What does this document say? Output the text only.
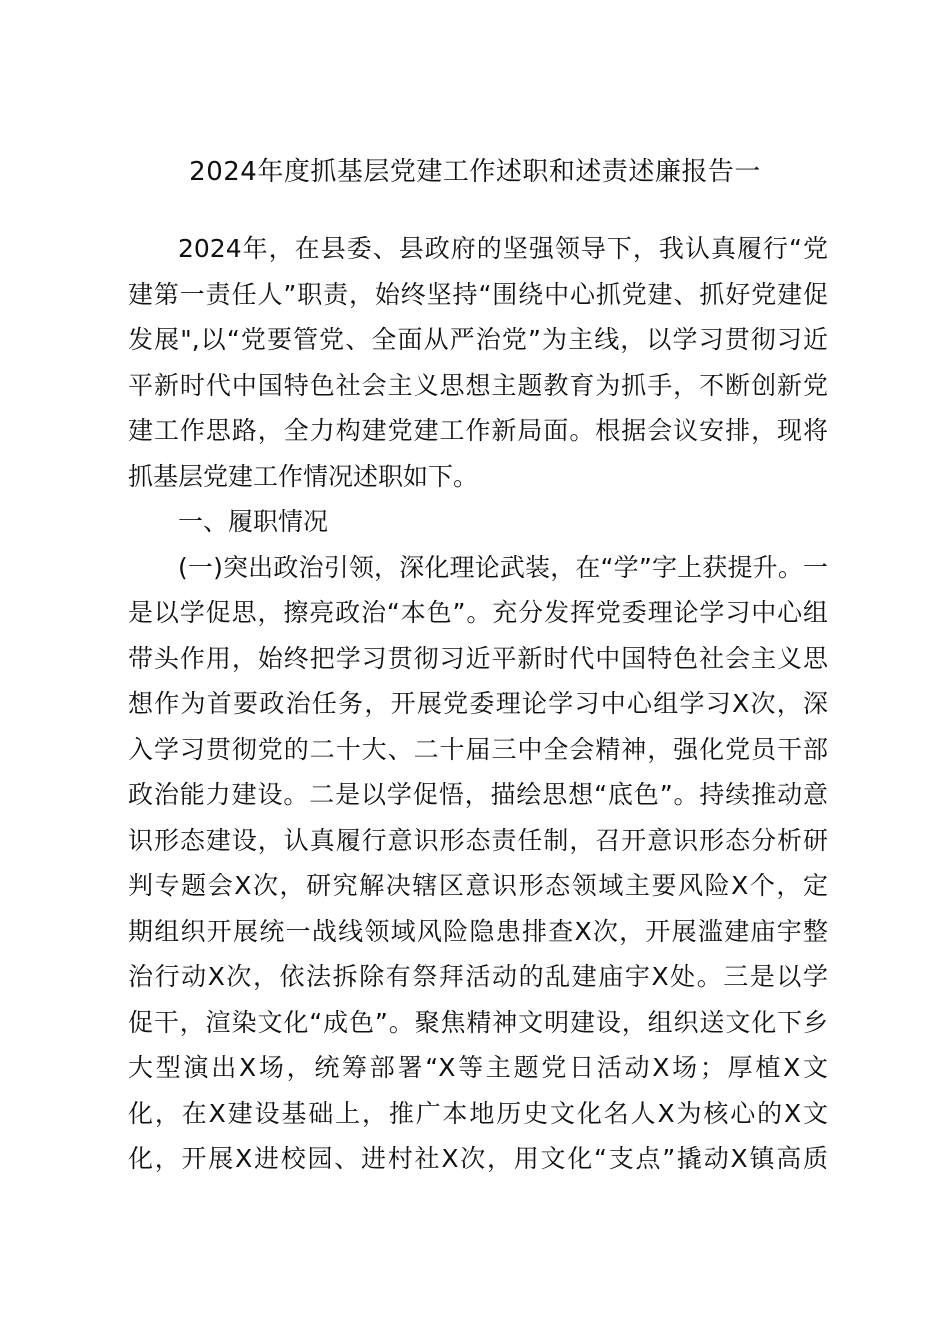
2024年度抓基层党建工作述职和述责述廉报告一
2024年，在县委、县政府的坚强领导下，我认真履行“党
建第一责任人”职责，始终坚持“围绕中心抓党建、抓好党建促
发展",以“党要管党、全面从严治党”为主线，以学习贯彻习近
平新时代中国特色社会主义思想主题教育为抓手，不断创新党
建工作思路，全力构建党建工作新局面。根据会议安排，现将
抓基层党建工作情况述职如下。
一、履职情况
(一)突出政治引领，深化理论武装，在“学”字上获提升。一
是以学促思，擦亮政治“本色”。充分发挥党委理论学习中心组
带头作用，始终把学习贯彻习近平新时代中国特色社会主义思
想作为首要政治任务，开展党委理论学习中心组学习X次，深
入学习贯彻党的二十大、二十届三中全会精神，强化党员干部
政治能力建设。二是以学促悟，描绘思想“底色”。持续推动意
识形态建设，认真履行意识形态责任制，召开意识形态分析研
判专题会X次，研究解决辖区意识形态领域主要风险X个，定
期组织开展统一战线领域风险隐患排查X次，开展滥建庙宇整
治行动X次，依法拆除有祭拜活动的乱建庙宇X处。三是以学
促干，渲染文化“成色”。聚焦精神文明建设，组织送文化下乡
大型演出X场，统筹部署“X等主题党日活动X场；厚植X文
化，在X建设基础上，推广本地历史文化名人X为核心的X文
化，开展X进校园、进村社X次，用文化“支点”撬动X镇高质
